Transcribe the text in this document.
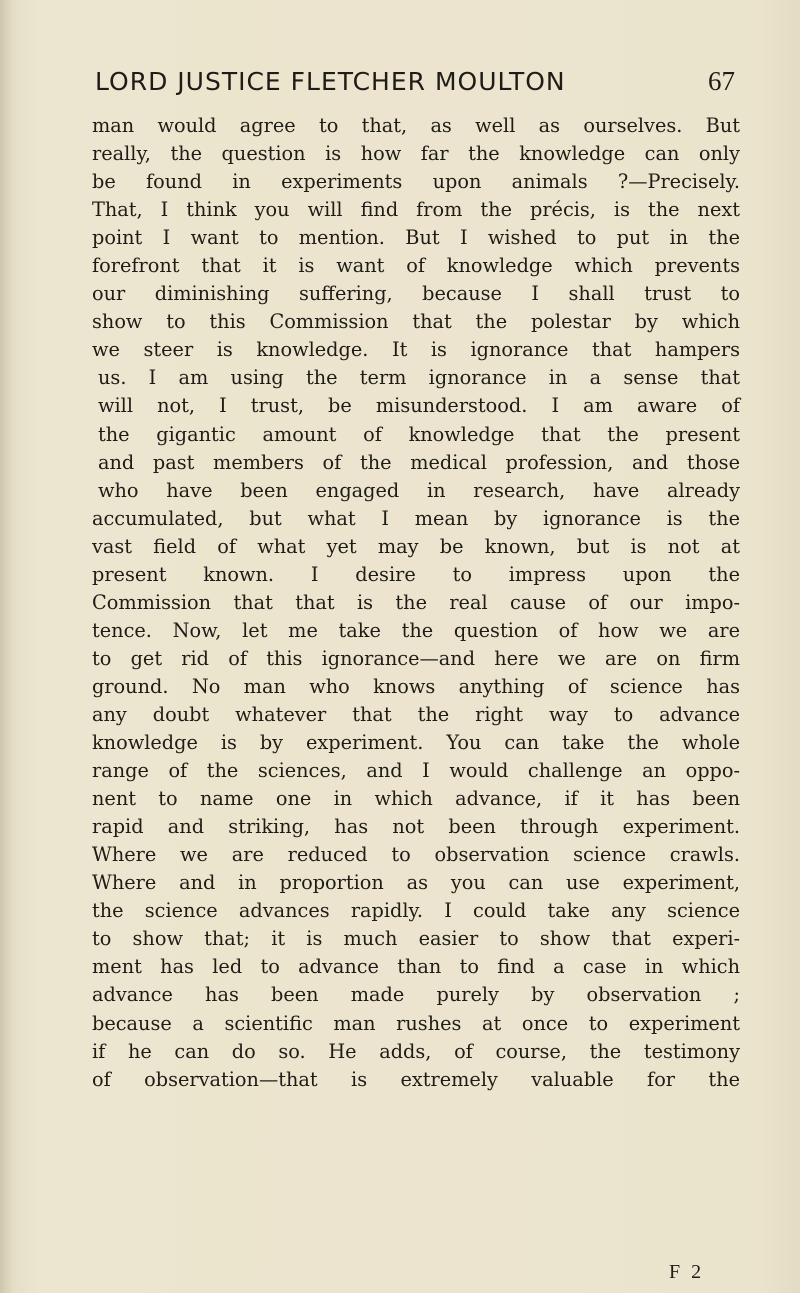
LORD JUSTICE FLETCHER MOULTON	67
man would agree to that, as well as ourselves. But
really, the question is how far the knowledge can only
be found in experiments upon animals ?—Precisely.
That, I think you will find from the précis, is the next
point I want to mention. But I wished to put in the
forefront that it is want of knowledge which prevents
our diminishing suffering, because I shall trust to
show to this Commission that the polestar by which
we steer is knowledge. It is ignorance that hampers
us. I am using the term ignorance in a sense that
will not, I trust, be misunderstood. I am aware of
the gigantic amount of knowledge that the present
and past members of the medical profession, and those
who have been engaged in research, have already
accumulated, but what I mean by ignorance is the
vast field of what yet may be known, but is not at
present known. I desire to impress upon the
Commission that that is the real cause of our impo-
tence. Now, let me take the question of how we are
to get rid of this ignorance—and here we are on firm
ground. No man who knows anything of science has
any doubt whatever that the right way to advance
knowledge is by experiment. You can take the whole
range of the sciences, and I would challenge an oppo-
nent to name one in which advance, if it has been
rapid and striking, has not been through experiment.
Where we are reduced to observation science crawls.
Where and in proportion as you can use experiment,
the science advances rapidly. I could take any science
to show that; it is much easier to show that experi-
ment has led to advance than to find a case in which
advance has been made purely by observation ;
because a scientific man rushes at once to experiment
if he can do so. He adds, of course, the testimony
of observation—that is extremely valuable for the
F 2
